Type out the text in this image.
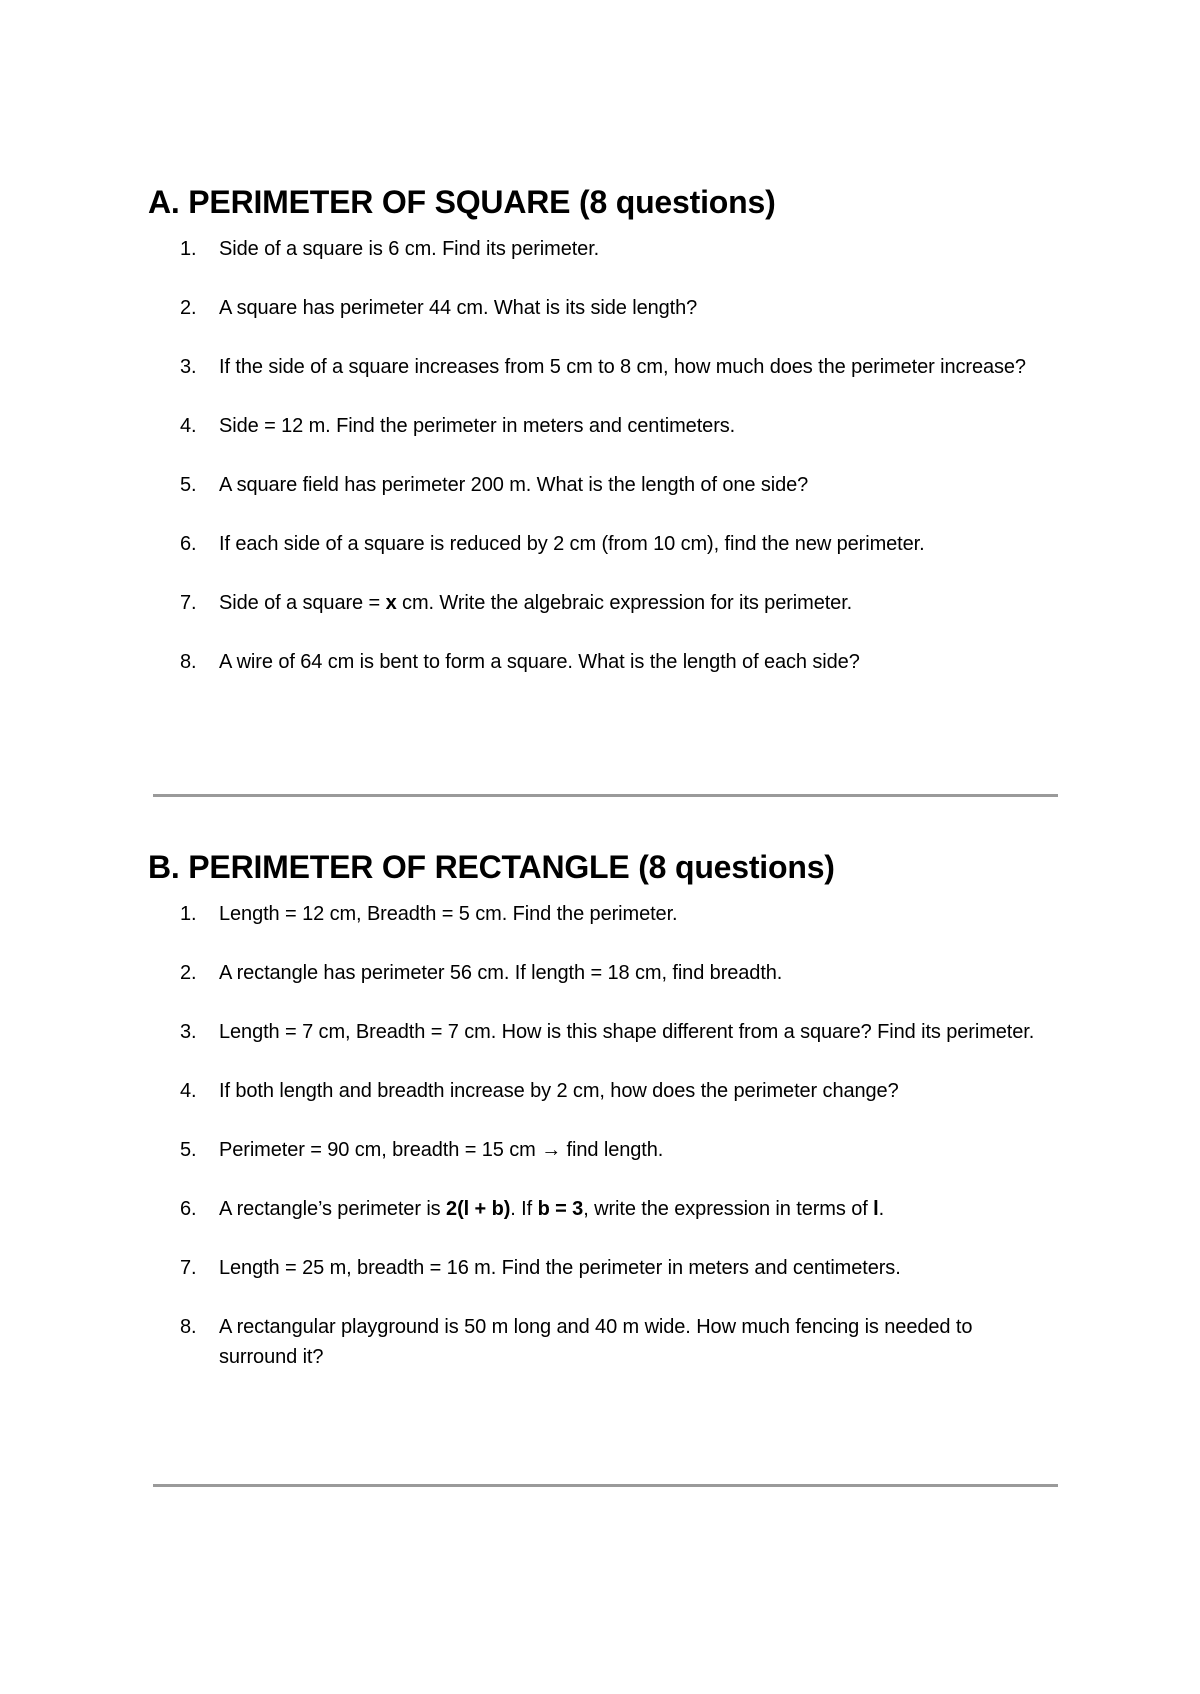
A. PERIMETER OF SQUARE (8 questions)
1. Side of a square is 6 cm. Find its perimeter.
2. A square has perimeter 44 cm. What is its side length?
3. If the side of a square increases from 5 cm to 8 cm, how much does the perimeter increase?
4. Side = 12 m. Find the perimeter in meters and centimeters.
5. A square field has perimeter 200 m. What is the length of one side?
6. If each side of a square is reduced by 2 cm (from 10 cm), find the new perimeter.
7. Side of a square = x cm. Write the algebraic expression for its perimeter.
8. A wire of 64 cm is bent to form a square. What is the length of each side?
B. PERIMETER OF RECTANGLE (8 questions)
1. Length = 12 cm, Breadth = 5 cm. Find the perimeter.
2. A rectangle has perimeter 56 cm. If length = 18 cm, find breadth.
3. Length = 7 cm, Breadth = 7 cm. How is this shape different from a square? Find its perimeter.
4. If both length and breadth increase by 2 cm, how does the perimeter change?
5. Perimeter = 90 cm, breadth = 15 cm → find length.
6. A rectangle’s perimeter is 2(l + b). If b = 3, write the expression in terms of l.
7. Length = 25 m, breadth = 16 m. Find the perimeter in meters and centimeters.
8. A rectangular playground is 50 m long and 40 m wide. How much fencing is needed to surround it?
